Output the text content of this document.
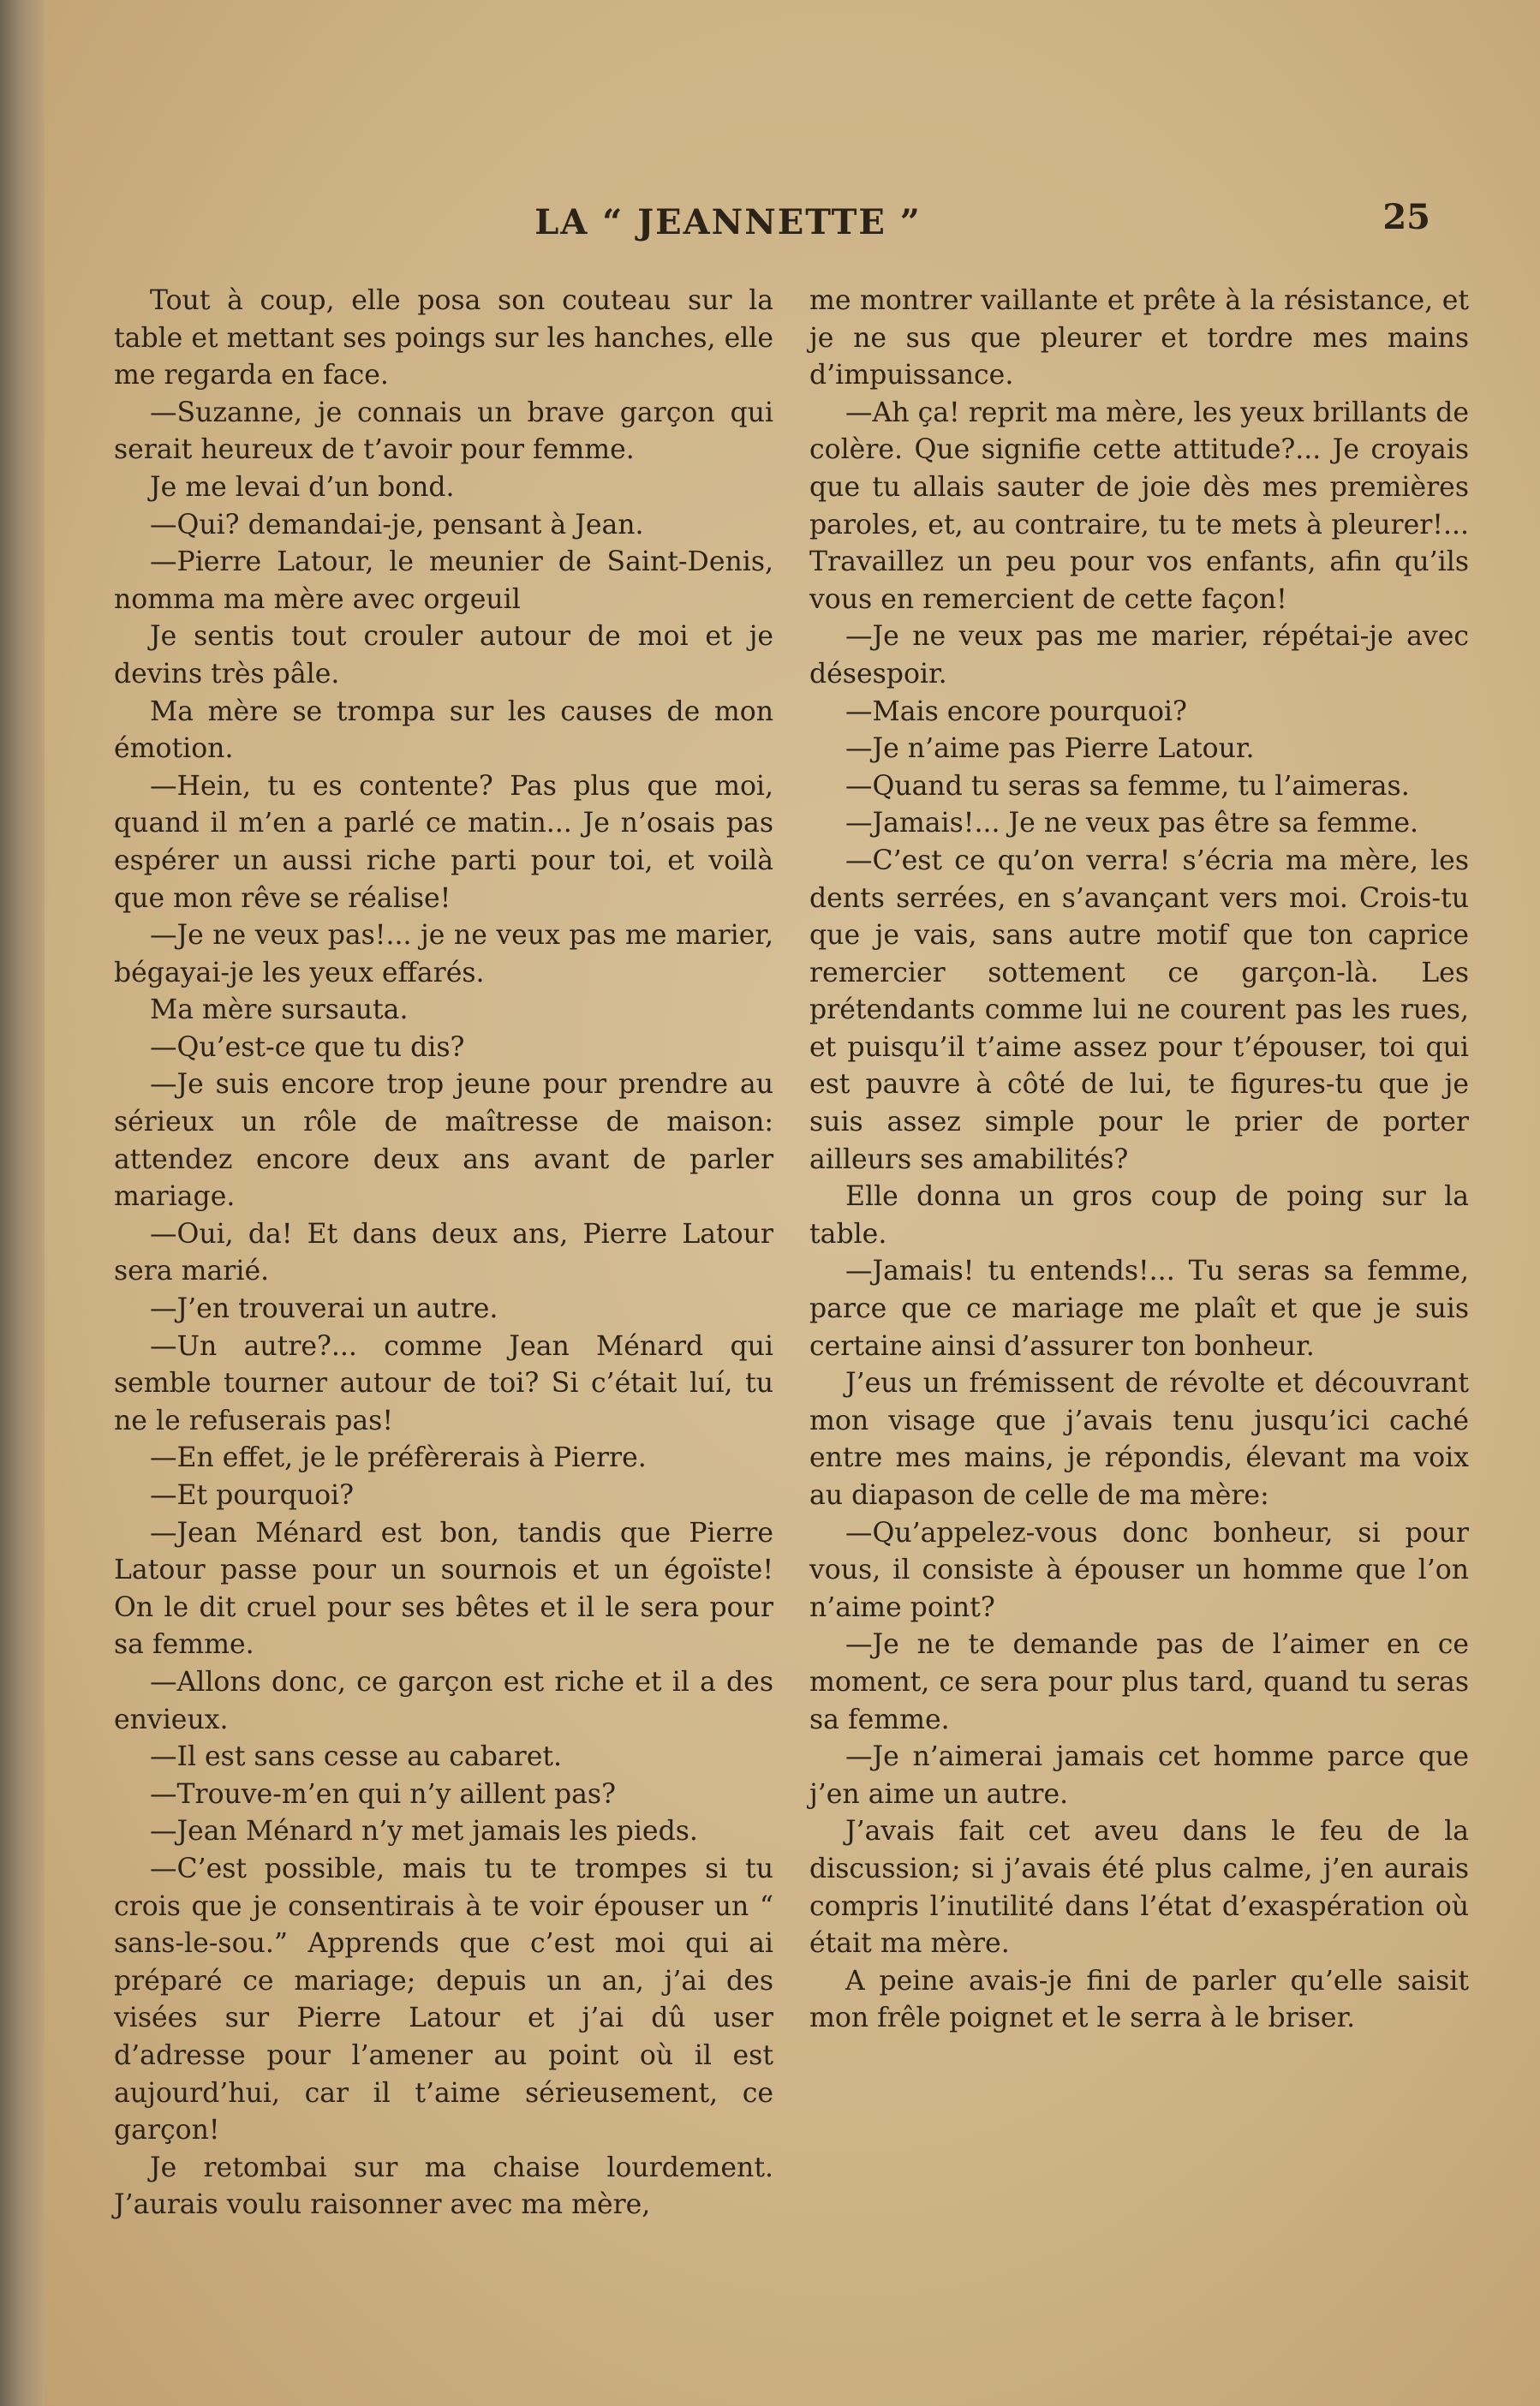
LA “ JEANNETTE ”	25

Tout à coup, elle posa son couteau sur la table et mettant ses poings sur les hanches, elle me regarda en face.

—Suzanne, je connais un brave garçon qui serait heureux de t’avoir pour femme.

Je me levai d’un bond.

—Qui? demandai-je, pensant à Jean.

—Pierre Latour, le meunier de Saint-Denis, nomma ma mère avec orgeuil

Je sentis tout crouler autour de moi et je devins très pâle.

Ma mère se trompa sur les causes de mon émotion.

—Hein, tu es contente? Pas plus que moi, quand il m’en a parlé ce matin... Je n’osais pas espérer un aussi riche parti pour toi, et voilà que mon rêve se réalise!

—Je ne veux pas!... je ne veux pas me marier, bégayai-je les yeux effarés.

Ma mère sursauta.

—Qu’est-ce que tu dis?

—Je suis encore trop jeune pour prendre au sérieux un rôle de maîtresse de maison: attendez encore deux ans avant de parler mariage.

—Oui, da! Et dans deux ans, Pierre Latour sera marié.

—J’en trouverai un autre.

—Un autre?... comme Jean Ménard qui semble tourner autour de toi? Si c’était luí, tu ne le refuserais pas!

—En effet, je le préfèrerais à Pierre.

—Et pourquoi?

—Jean Ménard est bon, tandis que Pierre Latour passe pour un sournois et un égoïste! On le dit cruel pour ses bêtes et il le sera pour sa femme.

—Allons donc, ce garçon est riche et il a des envieux.

—Il est sans cesse au cabaret.

—Trouve-m’en qui n’y aillent pas?

—Jean Ménard n’y met jamais les pieds.

—C’est possible, mais tu te trompes si tu crois que je consentirais à te voir épouser un “ sans-le-sou.” Apprends que c’est moi qui ai préparé ce mariage; depuis un an, j’ai des visées sur Pierre Latour et j’ai dû user d’adresse pour l’amener au point où il est aujourd’hui, car il t’aime sérieusement, ce garçon!

Je retombai sur ma chaise lourdement. J’aurais voulu raisonner avec ma mère,

me montrer vaillante et prête à la résistance, et je ne sus que pleurer et tordre mes mains d’impuissance.

—Ah ça! reprit ma mère, les yeux brillants de colère. Que signifie cette attitude?... Je croyais que tu allais sauter de joie dès mes premières paroles, et, au contraire, tu te mets à pleurer!... Travaillez un peu pour vos enfants, afin qu’ils vous en remercient de cette façon!

—Je ne veux pas me marier, répétai-je avec désespoir.

—Mais encore pourquoi?

—Je n’aime pas Pierre Latour.

—Quand tu seras sa femme, tu l’aimeras.

—Jamais!... Je ne veux pas être sa femme.

—C’est ce qu’on verra! s’écria ma mère, les dents serrées, en s’avançant vers moi. Crois-tu que je vais, sans autre motif que ton caprice remercier sottement ce garçon-là. Les prétendants comme lui ne courent pas les rues, et puisqu’il t’aime assez pour t’épouser, toi qui est pauvre à côté de lui, te figures-tu que je suis assez simple pour le prier de porter ailleurs ses amabilités?

Elle donna un gros coup de poing sur la table.

—Jamais! tu entends!... Tu seras sa femme, parce que ce mariage me plaît et que je suis certaine ainsi d’assurer ton bonheur.

J’eus un frémissent de révolte et découvrant mon visage que j’avais tenu jusqu’ici caché entre mes mains, je répondis, élevant ma voix au diapason de celle de ma mère:

—Qu’appelez-vous donc bonheur, si pour vous, il consiste à épouser un homme que l’on n’aime point?

—Je ne te demande pas de l’aimer en ce moment, ce sera pour plus tard, quand tu seras sa femme.

—Je n’aimerai jamais cet homme parce que j’en aime un autre.

J’avais fait cet aveu dans le feu de la discussion; si j’avais été plus calme, j’en aurais compris l’inutilité dans l’état d’exaspération où était ma mère.

A peine avais-je fini de parler qu’elle saisit mon frêle poignet et le serra à le briser.
